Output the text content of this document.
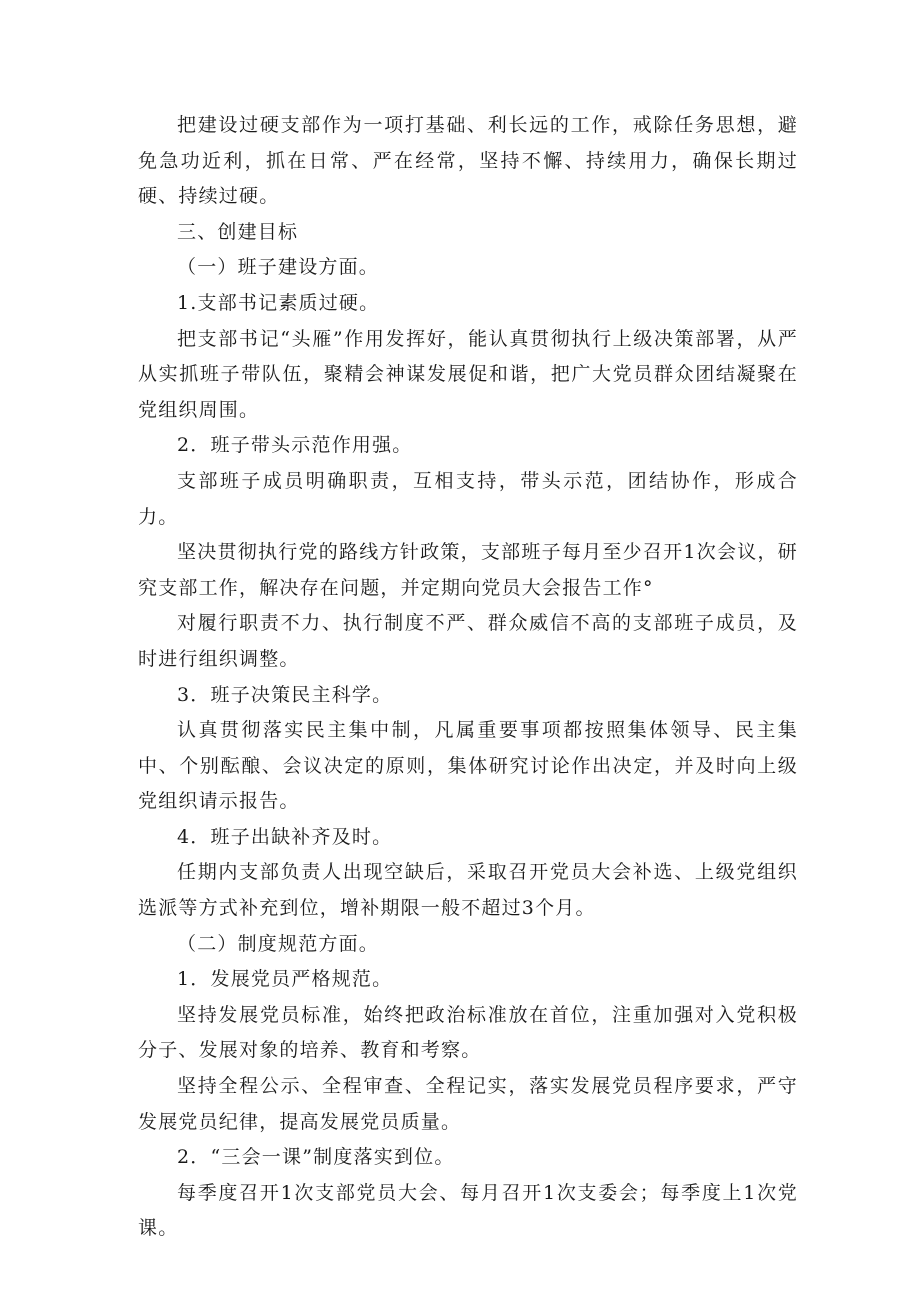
把建设过硬支部作为一项打基础、利长远的工作，戒除任务思想，避免急功近利，抓在日常、严在经常，坚持不懈、持续用力，确保长期过硬、持续过硬。

三、创建目标

（一）班子建设方面。

1.支部书记素质过硬。

把支部书记“头雁”作用发挥好，能认真贯彻执行上级决策部署，从严从实抓班子带队伍，聚精会神谋发展促和谐，把广大党员群众团结凝聚在党组织周围。

2．班子带头示范作用强。

支部班子成员明确职责，互相支持，带头示范，团结协作，形成合力。

坚决贯彻执行党的路线方针政策，支部班子每月至少召开1次会议，研究支部工作，解决存在问题，并定期向党员大会报告工作°

对履行职责不力、执行制度不严、群众威信不高的支部班子成员，及时进行组织调整。

3．班子决策民主科学。

认真贯彻落实民主集中制，凡属重要事项都按照集体领导、民主集中、个别酝酿、会议决定的原则，集体研究讨论作出决定，并及时向上级党组织请示报告。

4．班子出缺补齐及时。

任期内支部负责人出现空缺后，采取召开党员大会补选、上级党组织选派等方式补充到位，增补期限一般不超过3个月。

（二）制度规范方面。

1．发展党员严格规范。

坚持发展党员标准，始终把政治标准放在首位，注重加强对入党积极分子、发展对象的培养、教育和考察。

坚持全程公示、全程审查、全程记实，落实发展党员程序要求，严守发展党员纪律，提高发展党员质量。

2．“三会一课”制度落实到位。

每季度召开1次支部党员大会、每月召开1次支委会；每季度上1次党课。
